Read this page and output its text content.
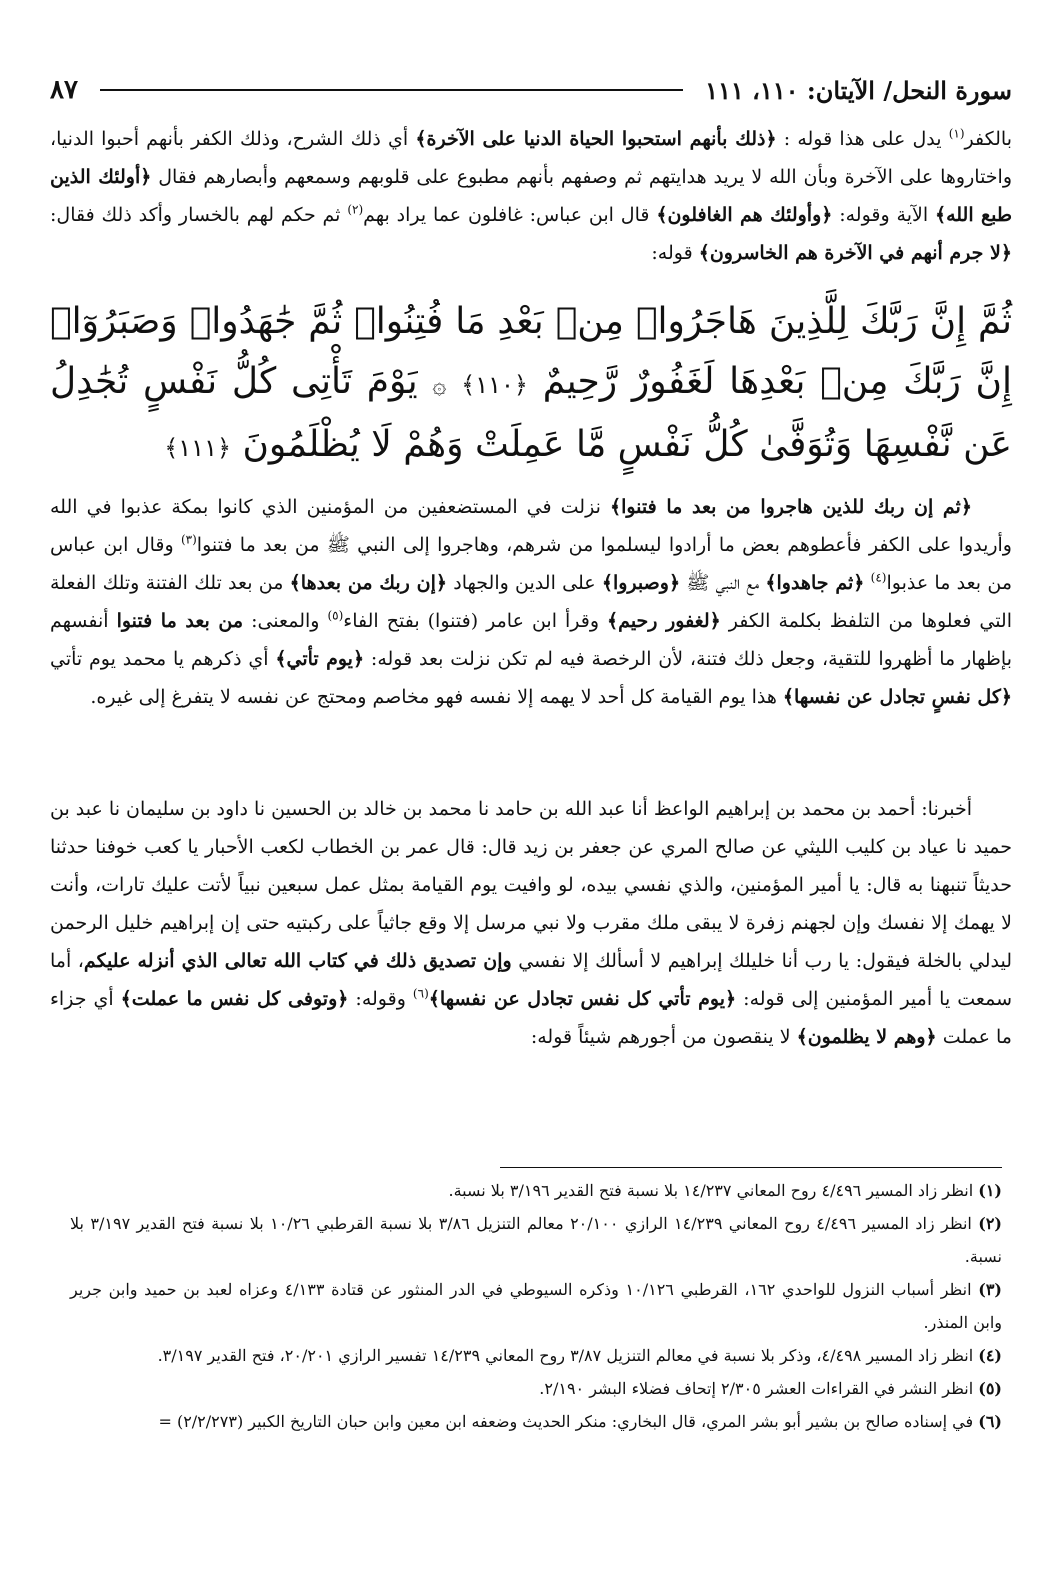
سورة النحل/ الآيتان: ١١٠، ١١١
٨٧

بالكفر$^{(١)}$ يدل على هذا قوله : ﴿ذلك بأنهم استحبوا الحياة الدنيا على الآخرة﴾ أي ذلك الشرح، وذلك الكفر بأنهم أحبوا الدنيا، واختاروها على الآخرة وبأن الله لا يريد هدايتهم ثم وصفهم بأنهم مطبوع على قلوبهم وسمعهم وأبصارهم فقال ﴿أولئك الذين طبع الله﴾ الآية وقوله: ﴿وأولئك هم الغافلون﴾ قال ابن عباس: غافلون عما يراد بهم$^{(٢)}$ ثم حكم لهم بالخسار وأكد ذلك فقال: ﴿لا جرم أنهم في الآخرة هم الخاسرون﴾ قوله:

ثُمَّ إِنَّ رَبَّكَ لِلَّذِينَ هَاجَرُوا۟ مِنۢ بَعْدِ مَا فُتِنُوا۟ ثُمَّ جَٰهَدُوا۟ وَصَبَرُوٓا۟ إِنَّ رَبَّكَ مِنۢ بَعْدِهَا لَغَفُورٌ رَّحِيمٌ ﴿١١٠﴾ ۞ يَوْمَ تَأْتِى كُلُّ نَفْسٍ تُجَٰدِلُ عَن نَّفْسِهَا وَتُوَفَّىٰ كُلُّ نَفْسٍ مَّا عَمِلَتْ وَهُمْ لَا يُظْلَمُونَ ﴿١١١﴾

﴿ثم إن ربك للذين هاجروا من بعد ما فتنوا﴾ نزلت في المستضعفين من المؤمنين الذي كانوا بمكة عذبوا في الله وأريدوا على الكفر فأعطوهم بعض ما أرادوا ليسلموا من شرهم، وهاجروا إلى النبي ﷺ من بعد ما فتنوا$^{(٣)}$ وقال ابن عباس من بعد ما عذبوا$^{(٤)}$ ﴿ثم جاهدوا﴾ مع النبي ﷺ ﴿وصبروا﴾ على الدين والجهاد ﴿إن ربك من بعدها﴾ من بعد تلك الفتنة وتلك الفعلة التي فعلوها من التلفظ بكلمة الكفر ﴿لغفور رحيم﴾ وقرأ ابن عامر (فتنوا) بفتح الفاء$^{(٥)}$ والمعنى: من بعد ما فتنوا أنفسهم بإظهار ما أظهروا للتقية، وجعل ذلك فتنة، لأن الرخصة فيه لم تكن نزلت بعد قوله: ﴿يوم تأتي﴾ أي ذكرهم يا محمد يوم تأتي ﴿كل نفسٍ تجادل عن نفسها﴾ هذا يوم القيامة كل أحد لا يهمه إلا نفسه فهو مخاصم ومحتج عن نفسه لا يتفرغ إلى غيره.

أخبرنا: أحمد بن محمد بن إبراهيم الواعظ أنا عبد الله بن حامد نا محمد بن خالد بن الحسين نا داود بن سليمان نا عبد بن حميد نا عياد بن كليب الليثي عن صالح المري عن جعفر بن زيد قال: قال عمر بن الخطاب لكعب الأحبار يا كعب خوفنا حدثنا حديثاً تنبهنا به قال: يا أمير المؤمنين، والذي نفسي بيده، لو وافيت يوم القيامة بمثل عمل سبعين نبياً لأتت عليك تارات، وأنت لا يهمك إلا نفسك وإن لجهنم زفرة لا يبقى ملك مقرب ولا نبي مرسل إلا وقع جاثياً على ركبتيه حتى إن إبراهيم خليل الرحمن ليدلي بالخلة فيقول: يا رب أنا خليلك إبراهيم لا أسألك إلا نفسي وإن تصديق ذلك في كتاب الله تعالى الذي أنزله عليكم، أما سمعت يا أمير المؤمنين إلى قوله: ﴿يوم تأتي كل نفس تجادل عن نفسها﴾$^{(٦)}$ وقوله: ﴿وتوفى كل نفس ما عملت﴾ أي جزاء ما عملت ﴿وهم لا يظلمون﴾ لا ينقصون من أجورهم شيئاً قوله:

(١) انظر زاد المسير ٤/٤٩٦ روح المعاني ١٤/٢٣٧ بلا نسبة فتح القدير ٣/١٩٦ بلا نسبة.

(٢) انظر زاد المسير ٤/٤٩٦ روح المعاني ١٤/٢٣٩ الرازي ٢٠/١٠٠ معالم التنزيل ٣/٨٦ بلا نسبة القرطبي ١٠/٢٦ بلا نسبة فتح القدير ٣/١٩٧ بلا نسبة.

(٣) انظر أسباب النزول للواحدي ١٦٢، القرطبي ١٠/١٢٦ وذكره السيوطي في الدر المنثور عن قتادة ٤/١٣٣ وعزاه لعبد بن حميد وابن جرير وابن المنذر.

(٤) انظر زاد المسير ٤/٤٩٨، وذكر بلا نسبة في معالم التنزيل ٣/٨٧ روح المعاني ١٤/٢٣٩ تفسير الرازي ٢٠/٢٠١، فتح القدير ٣/١٩٧.

(٥) انظر النشر في القراءات العشر ٢/٣٠٥ إتحاف فضلاء البشر ٢/١٩٠.

(٦) في إسناده صالح بن بشير أبو بشر المري، قال البخاري: منكر الحديث وضعفه ابن معين وابن حبان التاريخ الكبير (٢/٢/٢٧٣) =
